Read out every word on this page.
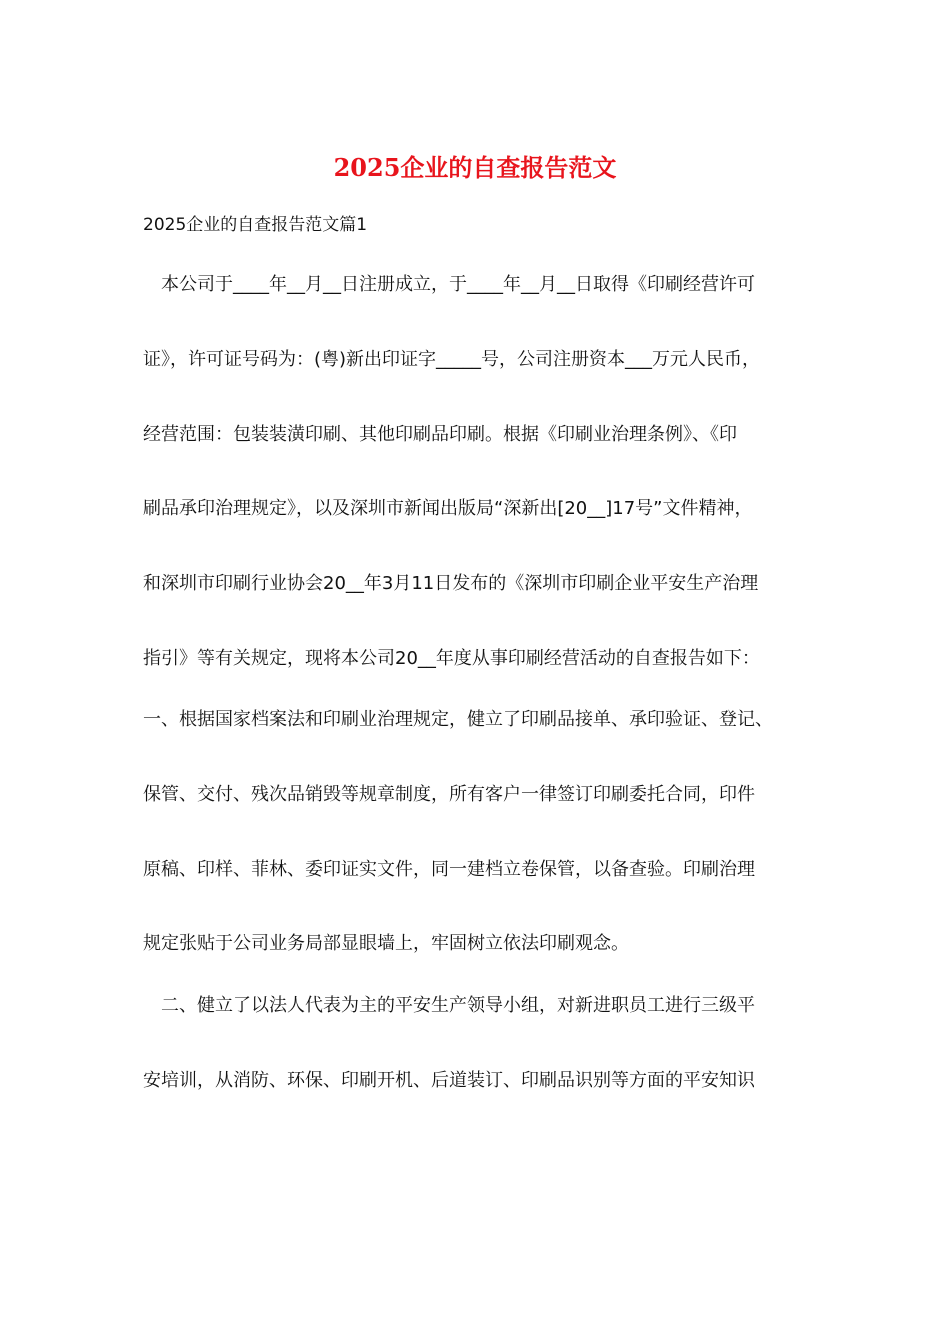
2025企业的自查报告范文

2025企业的自查报告范文篇1

　本公司于____年__月__日注册成立，于____年__月__日取得《印刷经营许可

证》，许可证号码为：(粤)新出印证字_____号，公司注册资本___万元人民币，

经营范围：包装装潢印刷、其他印刷品印刷。根据《印刷业治理条例》、《印

刷品承印治理规定》，以及深圳市新闻出版局“深新出[20__]17号”文件精神，

和深圳市印刷行业协会20__年3月11日发布的《深圳市印刷企业平安生产治理

指引》等有关规定，现将本公司20__年度从事印刷经营活动的自查报告如下：

一、根据国家档案法和印刷业治理规定，健立了印刷品接单、承印验证、登记、

保管、交付、残次品销毁等规章制度，所有客户一律签订印刷委托合同，印件

原稿、印样、菲林、委印证实文件，同一建档立卷保管，以备查验。印刷治理

规定张贴于公司业务局部显眼墙上，牢固树立依法印刷观念。

　二、健立了以法人代表为主的平安生产领导小组，对新进职员工进行三级平

安培训，从消防、环保、印刷开机、后道装订、印刷品识别等方面的平安知识
